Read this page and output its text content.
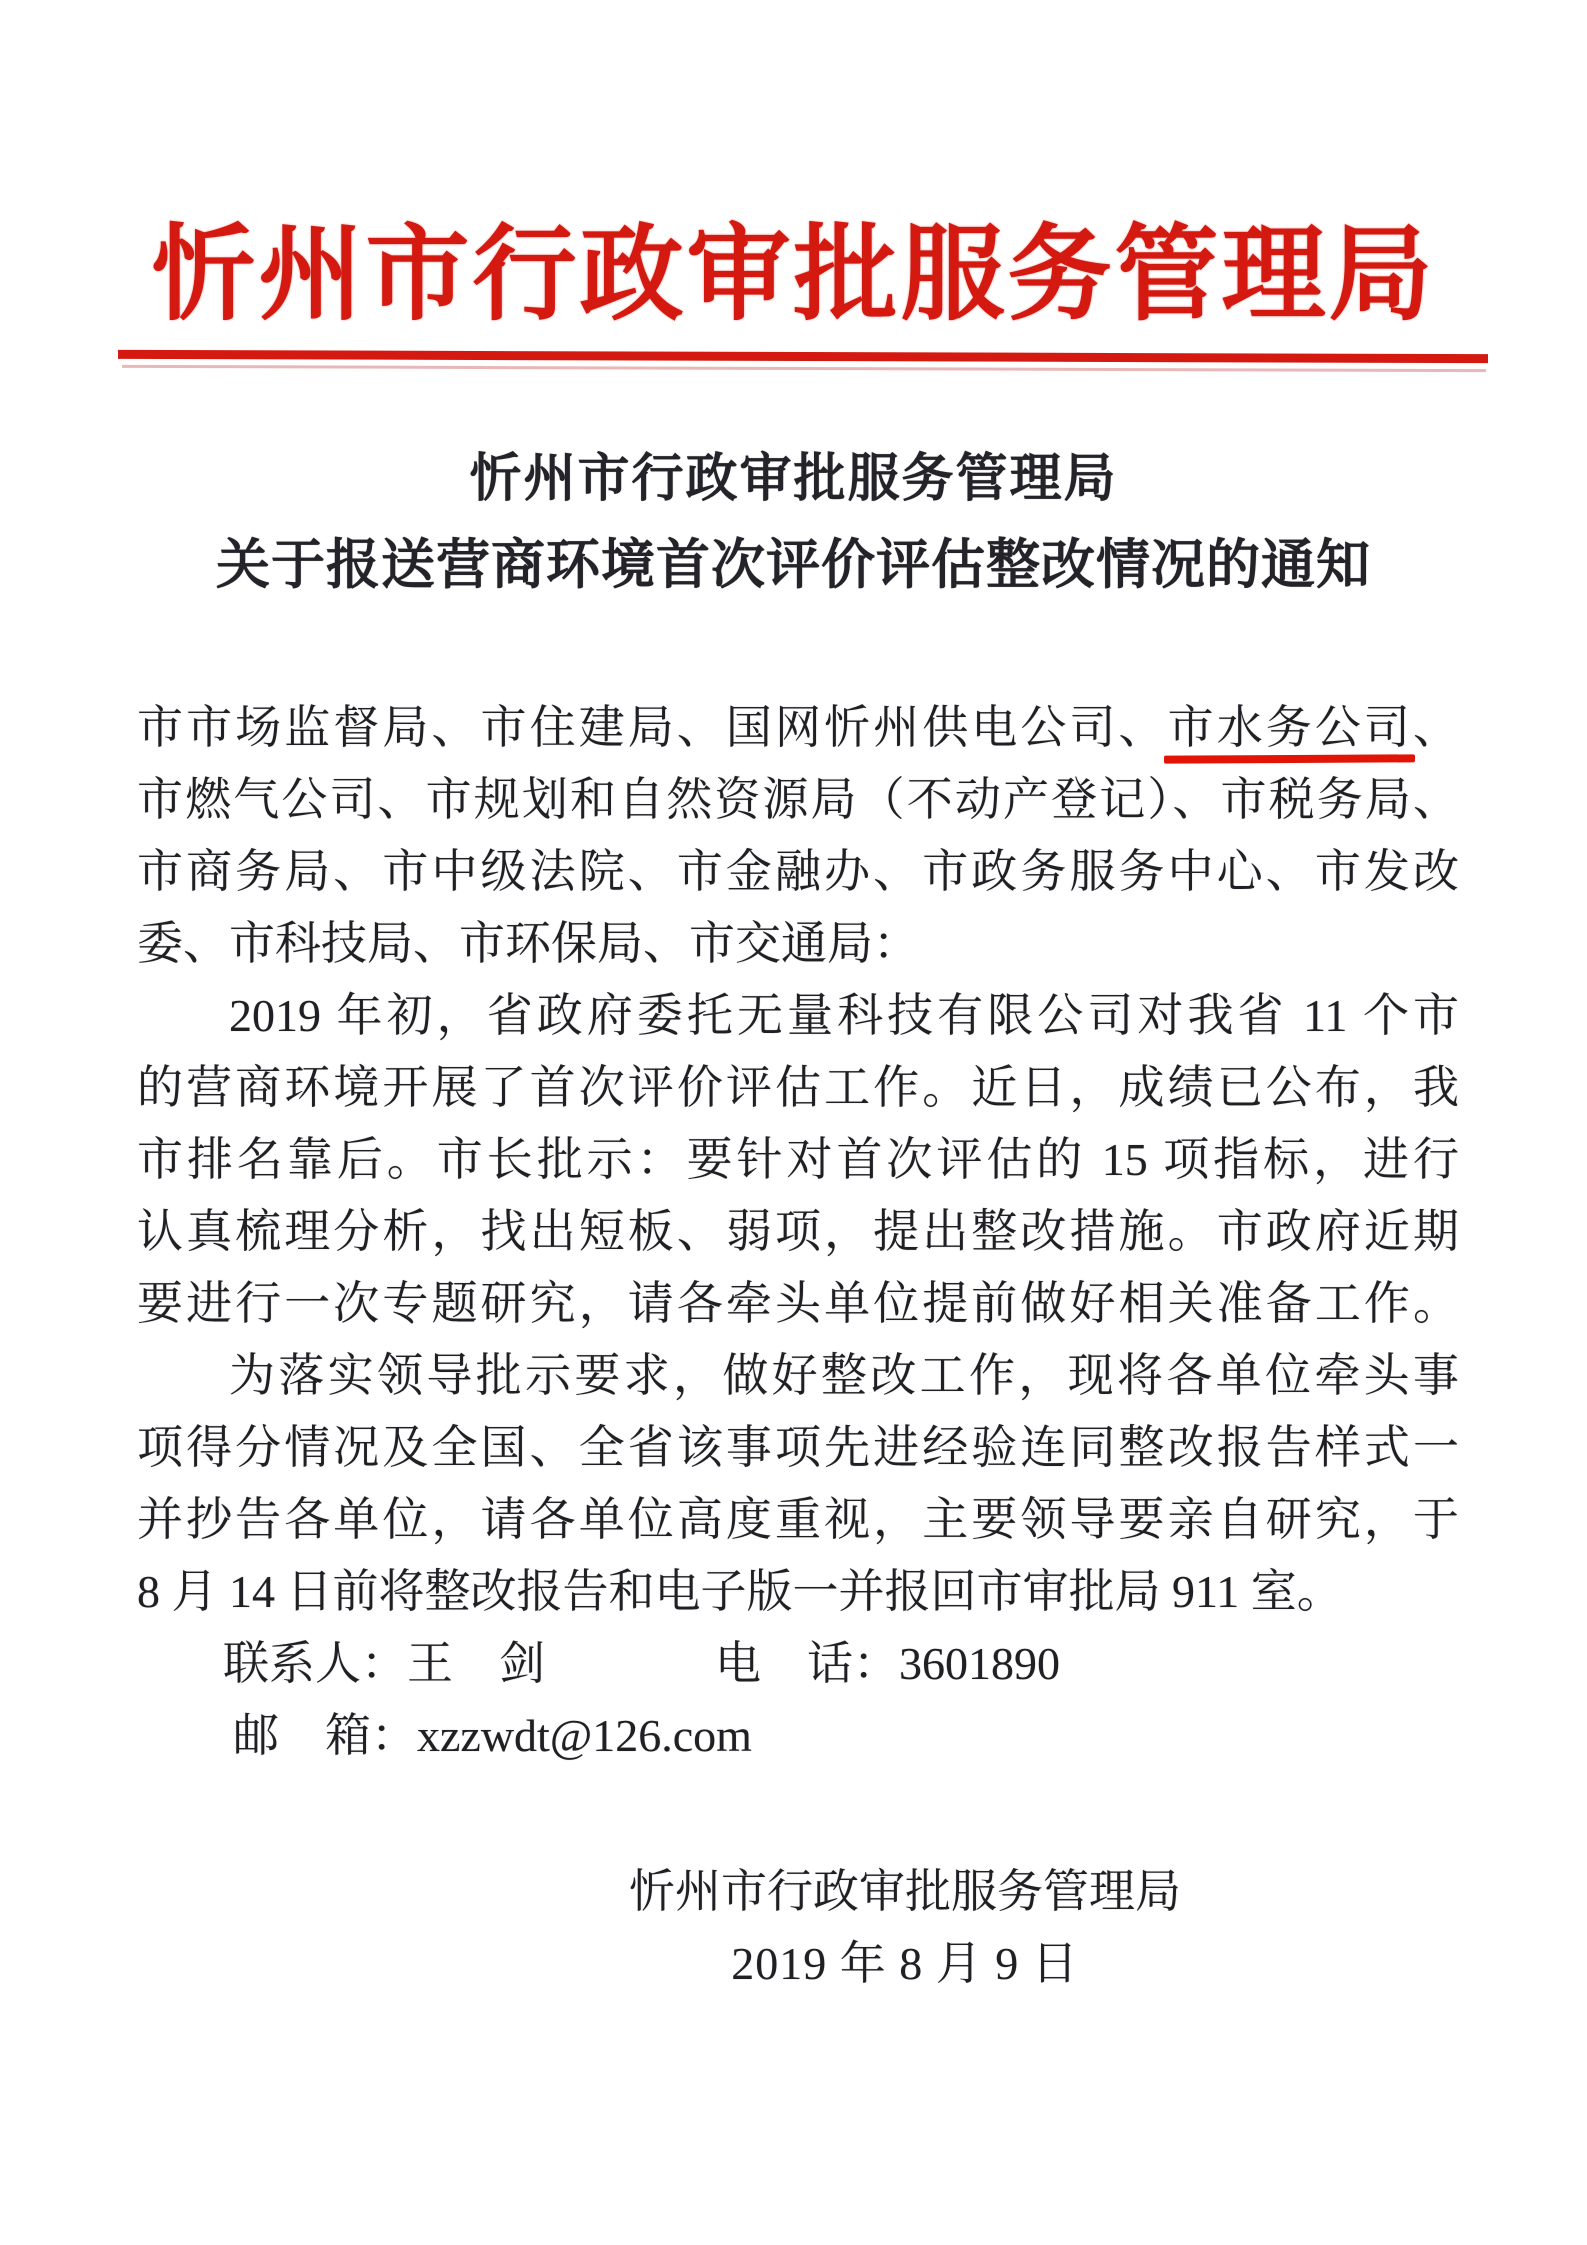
忻州市行政审批服务管理局
忻州市行政审批服务管理局
关于报送营商环境首次评价评估整改情况的通知
市市场监督局、市住建局、国网忻州供电公司、市水务公司、
市燃气公司、市规划和自然资源局（不动产登记）、市税务局、
市商务局、市中级法院、市金融办、市政务服务中心、市发改
委、市科技局、市环保局、市交通局：
2019 年初，省政府委托无量科技有限公司对我省 11 个市
的营商环境开展了首次评价评估工作。近日，成绩已公布，我
市排名靠后。市长批示：要针对首次评估的 15 项指标，进行
认真梳理分析，找出短板、弱项，提出整改措施。市政府近期
要进行一次专题研究，请各牵头单位提前做好相关准备工作。
为落实领导批示要求，做好整改工作，现将各单位牵头事
项得分情况及全国、全省该事项先进经验连同整改报告样式一
并抄告各单位，请各单位高度重视，主要领导要亲自研究，于
8 月 14 日前将整改报告和电子版一并报回市审批局 911 室。
联系人：王　剑	电　话：3601890
邮　箱：xzzwdt@126.com
忻州市行政审批服务管理局
2019 年 8 月 9 日
